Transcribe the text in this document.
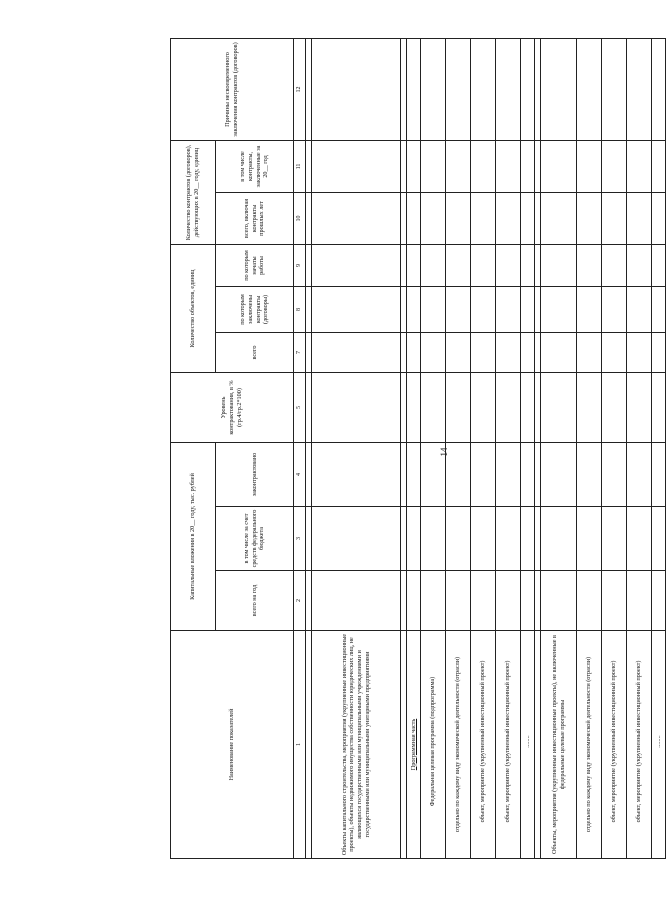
14
Наименование показателей	Капитальные вложения в 20__ году, тыс. рублей			Уровень контрактования, в % (гр.4/гр.2*100)	Количество объектов, единиц			Количество контрактов (договоров), действующих в 20__ году, единиц		Причины несвоевременного заключения контрактов (договоров)
	всего на год	в том числе за счет средств федерального бюджета	законтрактовано		всего	по которым заключены контракты (договоры)	по которым начаты работы	всего, включая контракты прошлых лет	в том числе контракты, заключенные за 20__ год	
1	2	3	4	5	7	8	9	10	11	12

Объекты капитального строительства, мероприятия (укрупненные инвестиционные проекты), объекты недвижимого имущества собственности юридических лиц, не являющихся государственными или муниципальными учреждениями и государственными или муниципальными унитарными предприятиями										

Программная часть										
Федеральная целевая программа (подпрограмма)										
отдельно по каждому виду экономической деятельности (отрасли)										
объект, мероприятие (укрупненный инвестиционный проект)										
объект, мероприятие (укрупненный инвестиционный проект)										
........										

Объекты, мероприятия (укрупненные инвестиционные проекты), не включенные в федеральные целевые программы										
отдельно по каждому виду экономической деятельности (отрасли)										
объект, мероприятие (укрупненный инвестиционный проект)										
объект, мероприятие (укрупненный инвестиционный проект)										
........										
